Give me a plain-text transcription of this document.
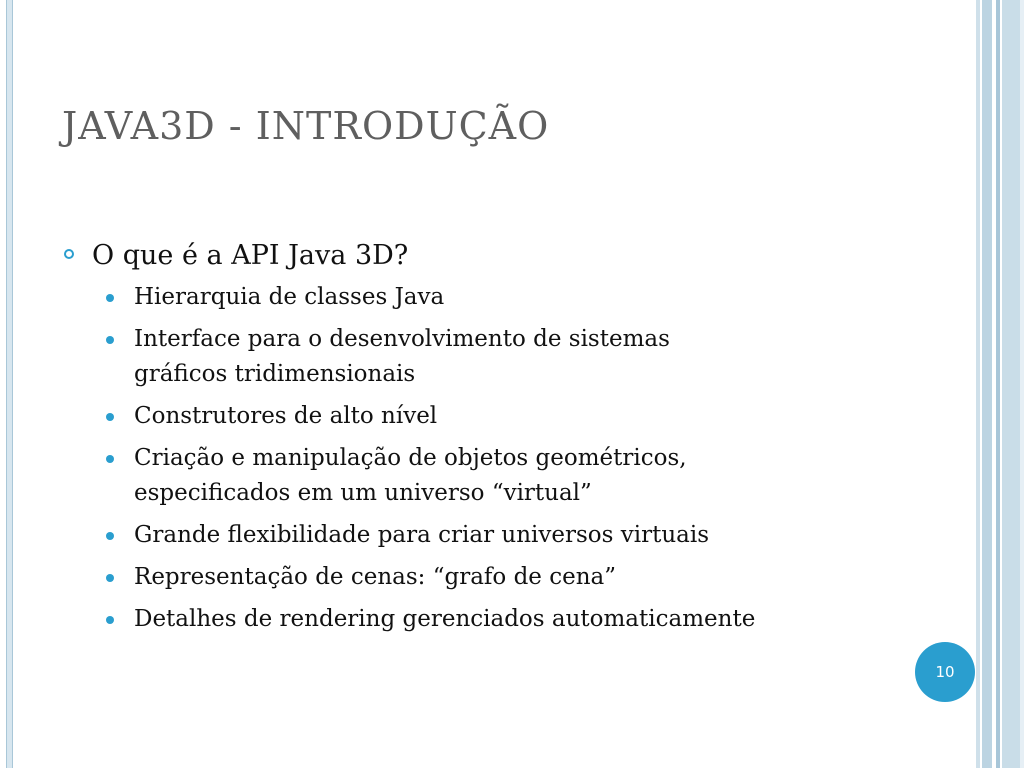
JAVA3D - INTRODUÇÃO
O que é a API Java 3D?
Hierarquia de classes Java
Interface para o desenvolvimento de sistemas
gráficos tridimensionais
Construtores de alto nível
Criação e manipulação de objetos geométricos,
especificados em um universo “virtual”
Grande flexibilidade para criar universos virtuais
Representação de cenas: “grafo de cena”
Detalhes de rendering gerenciados automaticamente
10
